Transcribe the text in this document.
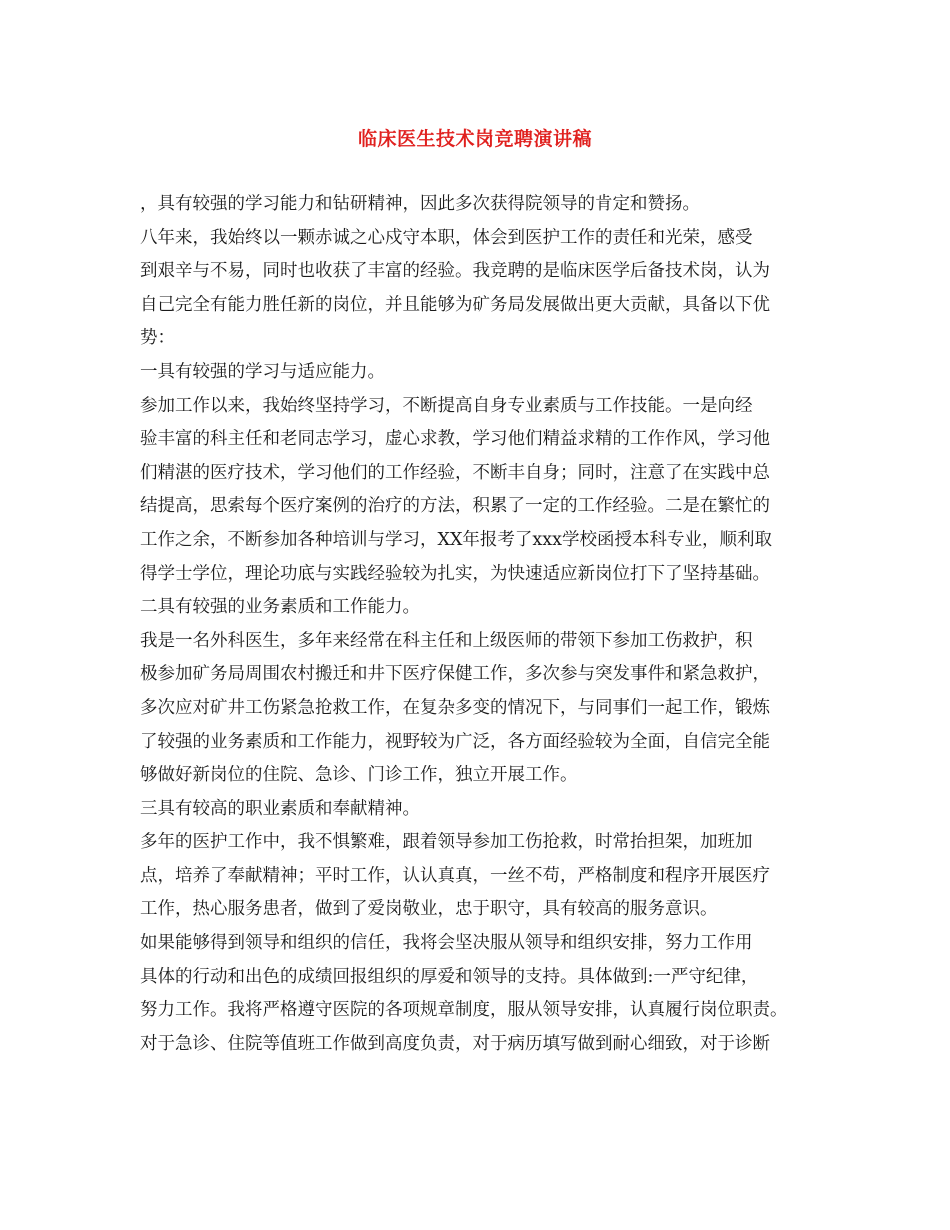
临床医生技术岗竞聘演讲稿
，具有较强的学习能力和钻研精神，因此多次获得院领导的肯定和赞扬。
八年来，我始终以一颗赤诚之心戍守本职，体会到医护工作的责任和光荣，感受
到艰辛与不易，同时也收获了丰富的经验。我竞聘的是临床医学后备技术岗，认为
自己完全有能力胜任新的岗位，并且能够为矿务局发展做出更大贡献，具备以下优
势：
一具有较强的学习与适应能力。
参加工作以来，我始终坚持学习，不断提高自身专业素质与工作技能。一是向经
验丰富的科主任和老同志学习，虚心求教，学习他们精益求精的工作作风，学习他
们精湛的医疗技术，学习他们的工作经验，不断丰自身；同时，注意了在实践中总
结提高，思索每个医疗案例的治疗的方法，积累了一定的工作经验。二是在繁忙的
工作之余，不断参加各种培训与学习，XX年报考了xxx学校函授本科专业，顺利取
得学士学位，理论功底与实践经验较为扎实，为快速适应新岗位打下了坚持基础。
二具有较强的业务素质和工作能力。
我是一名外科医生，多年来经常在科主任和上级医师的带领下参加工伤救护，积
极参加矿务局周围农村搬迁和井下医疗保健工作，多次参与突发事件和紧急救护，
多次应对矿井工伤紧急抢救工作，在复杂多变的情况下，与同事们一起工作，锻炼
了较强的业务素质和工作能力，视野较为广泛，各方面经验较为全面，自信完全能
够做好新岗位的住院、急诊、门诊工作，独立开展工作。
三具有较高的职业素质和奉献精神。
多年的医护工作中，我不惧繁难，跟着领导参加工伤抢救，时常抬担架，加班加
点，培养了奉献精神；平时工作，认认真真，一丝不苟，严格制度和程序开展医疗
工作，热心服务患者，做到了爱岗敬业，忠于职守，具有较高的服务意识。
如果能够得到领导和组织的信任，我将会坚决服从领导和组织安排，努力工作用
具体的行动和出色的成绩回报组织的厚爱和领导的支持。具体做到:一严守纪律，
努力工作。我将严格遵守医院的各项规章制度，服从领导安排，认真履行岗位职责。
对于急诊、住院等值班工作做到高度负责，对于病历填写做到耐心细致，对于诊断
